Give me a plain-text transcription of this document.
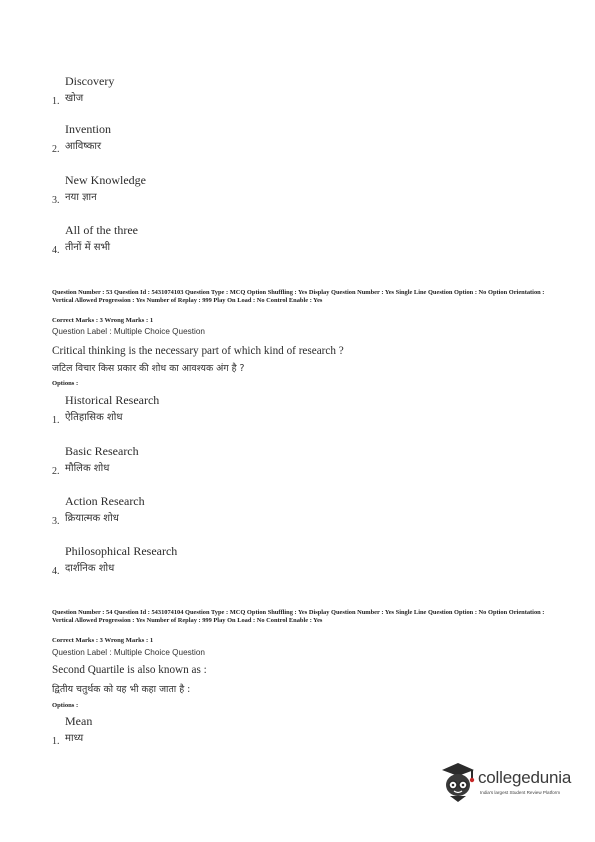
Discovery
1. खोज
Invention
2. आविष्कार
New Knowledge
3. नया ज्ञान
All of the three
4. तीनों में सभी
Question Number : 53 Question Id : 5431074103 Question Type : MCQ Option Shuffling : Yes Display Question Number : Yes Single Line Question Option : No Option Orientation : Vertical Allowed Progression : Yes Number of Replay : 999 Play On Load : No Control Enable : Yes
Correct Marks : 3 Wrong Marks : 1
Question Label : Multiple Choice Question
Critical thinking is the necessary part of which kind of research ?
जटिल विचार किस प्रकार की शोध का आवश्यक अंग है ?
Options :
Historical Research
1. ऐतिहासिक शोध
Basic Research
2. मौलिक शोध
Action Research
3. क्रियात्मक शोध
Philosophical Research
4. दार्शनिक शोध
Question Number : 54 Question Id : 5431074104 Question Type : MCQ Option Shuffling : Yes Display Question Number : Yes Single Line Question Option : No Option Orientation : Vertical Allowed Progression : Yes Number of Replay : 999 Play On Load : No Control Enable : Yes
Correct Marks : 3 Wrong Marks : 1
Question Label : Multiple Choice Question
Second Quartile is also known as :
द्वितीय चतुर्थक को यह भी कहा जाता है :
Options :
Mean
1. माध्य
collegedunia
India's largest Student Review Platform
